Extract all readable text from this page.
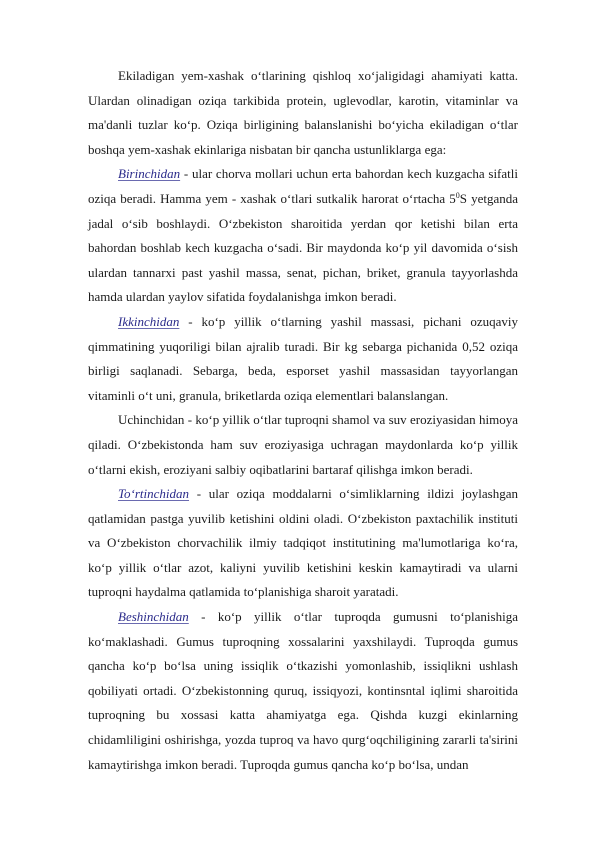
Ekiladigan yem-xashak o‘tlarining qishloq xo‘jaligidagi ahamiyati katta. Ulardan olinadigan oziqa tarkibida protein, uglevodlar, karotin, vitaminlar va ma'danli tuzlar ko‘p. Oziqa birligining balanslanishi bo‘yicha ekiladigan o‘tlar boshqa yem-xashak ekinlariga nisbatan bir qancha ustunliklarga ega:

Birinchidan - ular chorva mollari uchun erta bahordan kech kuzgacha sifatli oziqa beradi. Hamma yem - xashak o‘tlari sutkalik harorat o‘rtacha $5^0S$ yetganda jadal o‘sib boshlaydi. O‘zbekiston sharoitida yerdan qor ketishi bilan erta bahordan boshlab kech kuzgacha o‘sadi. Bir maydonda ko‘p yil davomida o‘sish ulardan tannarxi past yashil massa, senat, pichan, briket, granula tayyorlashda hamda ulardan yaylov sifatida foydalanishga imkon beradi.

Ikkinchidan - ko‘p yillik o‘tlarning yashil massasi, pichani ozuqaviy qimmatining yuqoriligi bilan ajralib turadi. Bir kg sebarga pichanida 0,52 oziqa birligi saqlanadi. Sebarga, beda, esporset yashil massasidan tayyorlangan vitaminli o‘t uni, granula, briketlarda oziqa elementlari balanslangan.

Uchinchidan - ko‘p yillik o‘tlar tuproqni shamol va suv eroziyasidan himoya qiladi. O‘zbekistonda ham suv eroziyasiga uchragan maydonlarda ko‘p yillik o‘tlarni ekish, eroziyani salbiy oqibatlarini bartaraf qilishga imkon beradi.

To‘rtinchidan - ular oziqa moddalarni o‘simliklarning ildizi joylashgan qatlamidan pastga yuvilib ketishini oldini oladi. O‘zbekiston paxtachilik instituti va O‘zbekiston chorvachilik ilmiy tadqiqot institutining ma'lumotlariga ko‘ra, ko‘p yillik o‘tlar azot, kaliyni yuvilib ketishini keskin kamaytiradi va ularni tuproqni haydalma qatlamida to‘planishiga sharoit yaratadi.

Beshinchidan - ko‘p yillik o‘tlar tuproqda gumusni to‘planishiga ko‘maklashadi. Gumus tuproqning xossalarini yaxshilaydi. Tuproqda gumus qancha ko‘p bo‘lsa uning issiqlik o‘tkazishi yomonlashib, issiqlikni ushlash qobiliyati ortadi. O‘zbekistonning quruq, issiqyozi, kontinsntal iqlimi sharoitida tuproqning bu xossasi katta ahamiyatga ega. Qishda kuzgi ekinlarning chidamliligini oshirishga, yozda tuproq va havo qurg‘oqchiligining zararli ta'sirini kamaytirishga imkon beradi. Tuproqda gumus qancha ko‘p bo‘lsa, undan
